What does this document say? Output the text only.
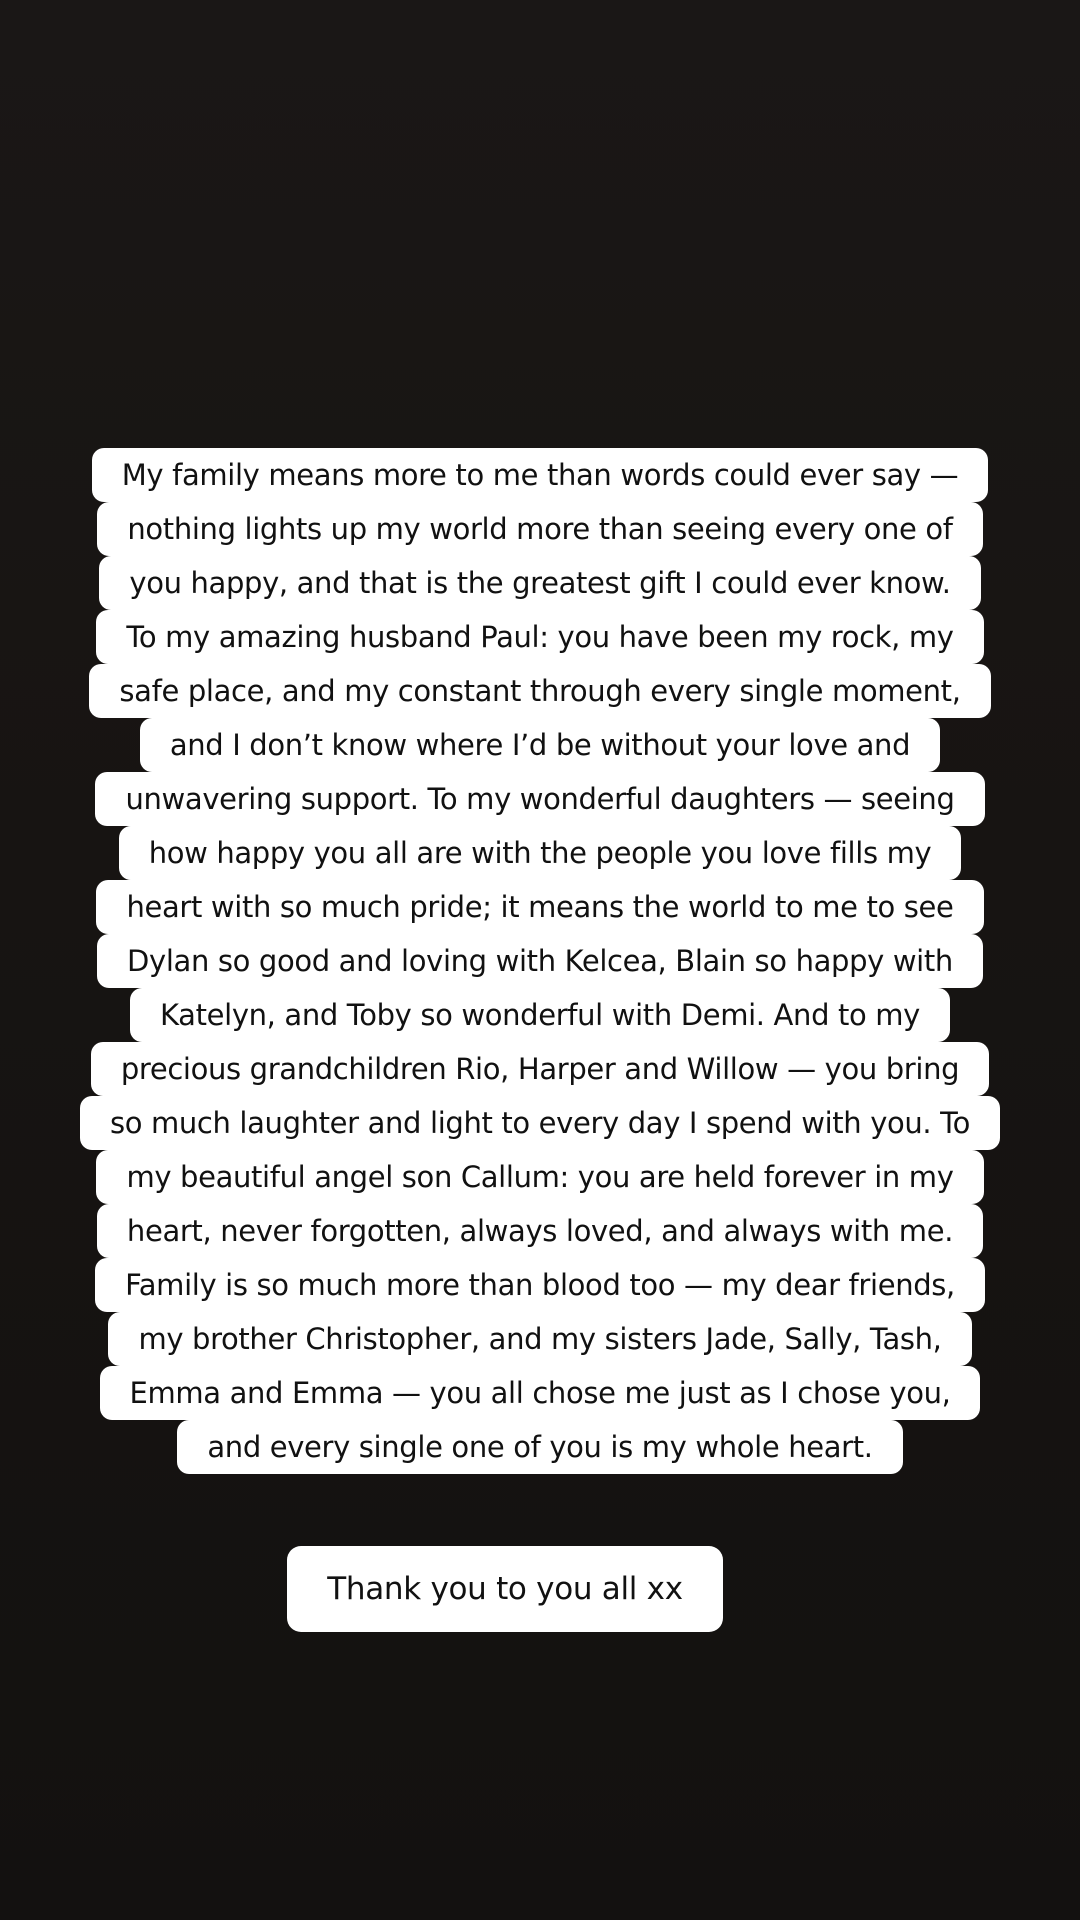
My family means more to me than words could ever say —
nothing lights up my world more than seeing every one of
you happy, and that is the greatest gift I could ever know.
To my amazing husband Paul: you have been my rock, my
safe place, and my constant through every single moment,
and I don’t know where I’d be without your love and
unwavering support. To my wonderful daughters — seeing
how happy you all are with the people you love fills my
heart with so much pride; it means the world to me to see
Dylan so good and loving with Kelcea, Blain so happy with
Katelyn, and Toby so wonderful with Demi. And to my
precious grandchildren Rio, Harper and Willow — you bring
so much laughter and light to every day I spend with you. To
my beautiful angel son Callum: you are held forever in my
heart, never forgotten, always loved, and always with me.
Family is so much more than blood too — my dear friends,
my brother Christopher, and my sisters Jade, Sally, Tash,
Emma and Emma — you all chose me just as I chose you,
and every single one of you is my whole heart.
Thank you to you all xx
